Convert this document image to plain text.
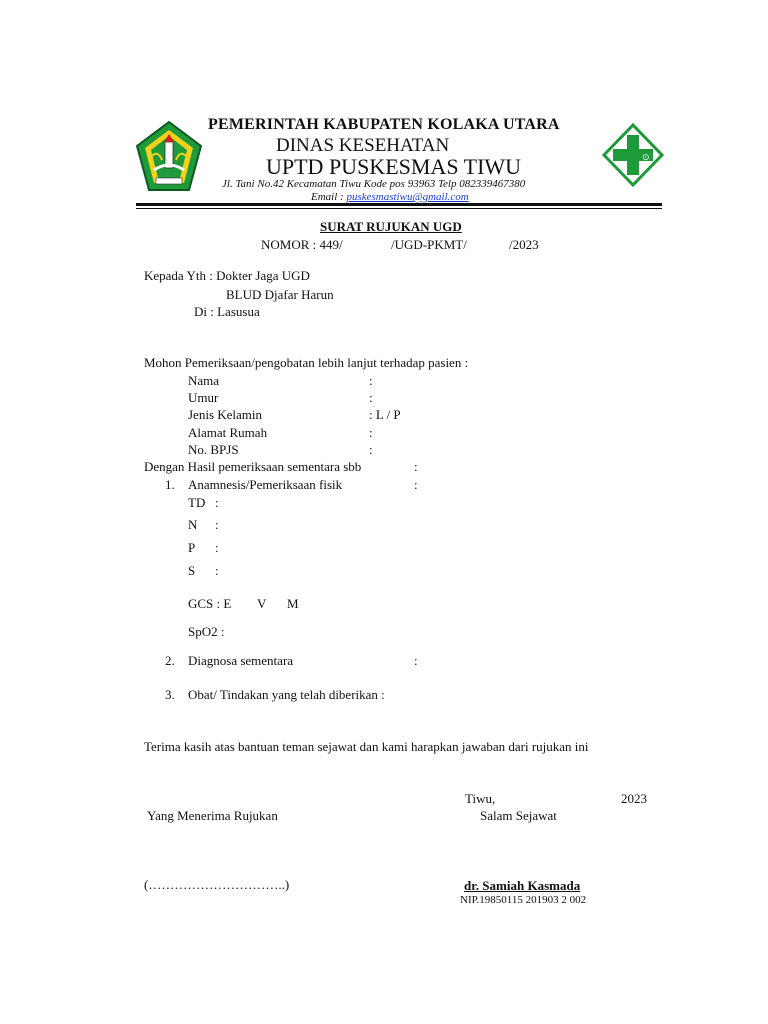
PEMERINTAH KABUPATEN KOLAKA UTARA
DINAS KESEHATAN
UPTD PUSKESMAS TIWU
Jl. Tani No.42 Kecamatan Tiwu Kode pos 93963 Telp 082339467380
Email : puskesmastiwu@gmail.com
⊙
SURAT RUJUKAN UGD
NOMOR : 449/	/UGD-PKMT/	/2023
Kepada Yth : Dokter Jaga UGD
BLUD Djafar Harun
Di : Lasusua
Mohon Pemeriksaan/pengobatan lebih lanjut terhadap pasien :
Nama	:
Umur	:
Jenis Kelamin	: L / P
Alamat Rumah	:
No. BPJS	:
Dengan Hasil pemeriksaan sementara sbb	:
1. Anamnesis/Pemeriksaan fisik	:
TD :
N :
P :
S :
GCS : E V M
SpO2 :
2. Diagnosa sementara	:
3. Obat/ Tindakan yang telah diberikan :
Terima kasih atas bantuan teman sejawat dan kami harapkan jawaban dari rujukan ini
Tiwu,	2023
Yang Menerima Rujukan	Salam Sejawat
(…………………………..)	dr. Samiah Kasmada
NIP.19850115 201903 2 002
